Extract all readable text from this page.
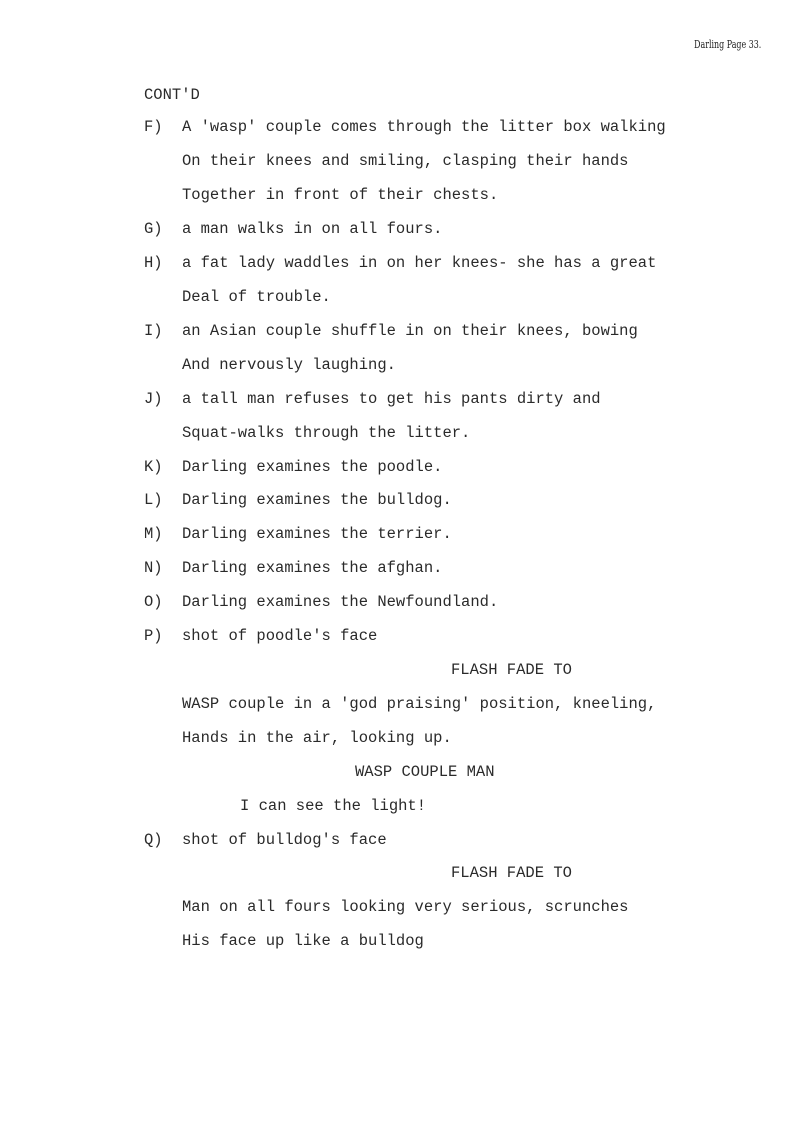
Darling Page 33.
CONT'D
F) A 'wasp' couple comes through the litter box walking
On their knees and smiling, clasping their hands
Together in front of their chests.
G) a man walks in on all fours.
H) a fat lady waddles in on her knees- she has a great
Deal of trouble.
I) an Asian couple shuffle in on their knees, bowing
And nervously laughing.
J) a tall man refuses to get his pants dirty and
Squat-walks through the litter.
K) Darling examines the poodle.
L) Darling examines the bulldog.
M) Darling examines the terrier.
N) Darling examines the afghan.
O) Darling examines the Newfoundland.
P) shot of poodle's face
FLASH FADE TO
WASP couple in a 'god praising' position, kneeling,
Hands in the air, looking up.
WASP COUPLE MAN
I can see the light!
Q) shot of bulldog's face
FLASH FADE TO
Man on all fours looking very serious, scrunches
His face up like a bulldog
